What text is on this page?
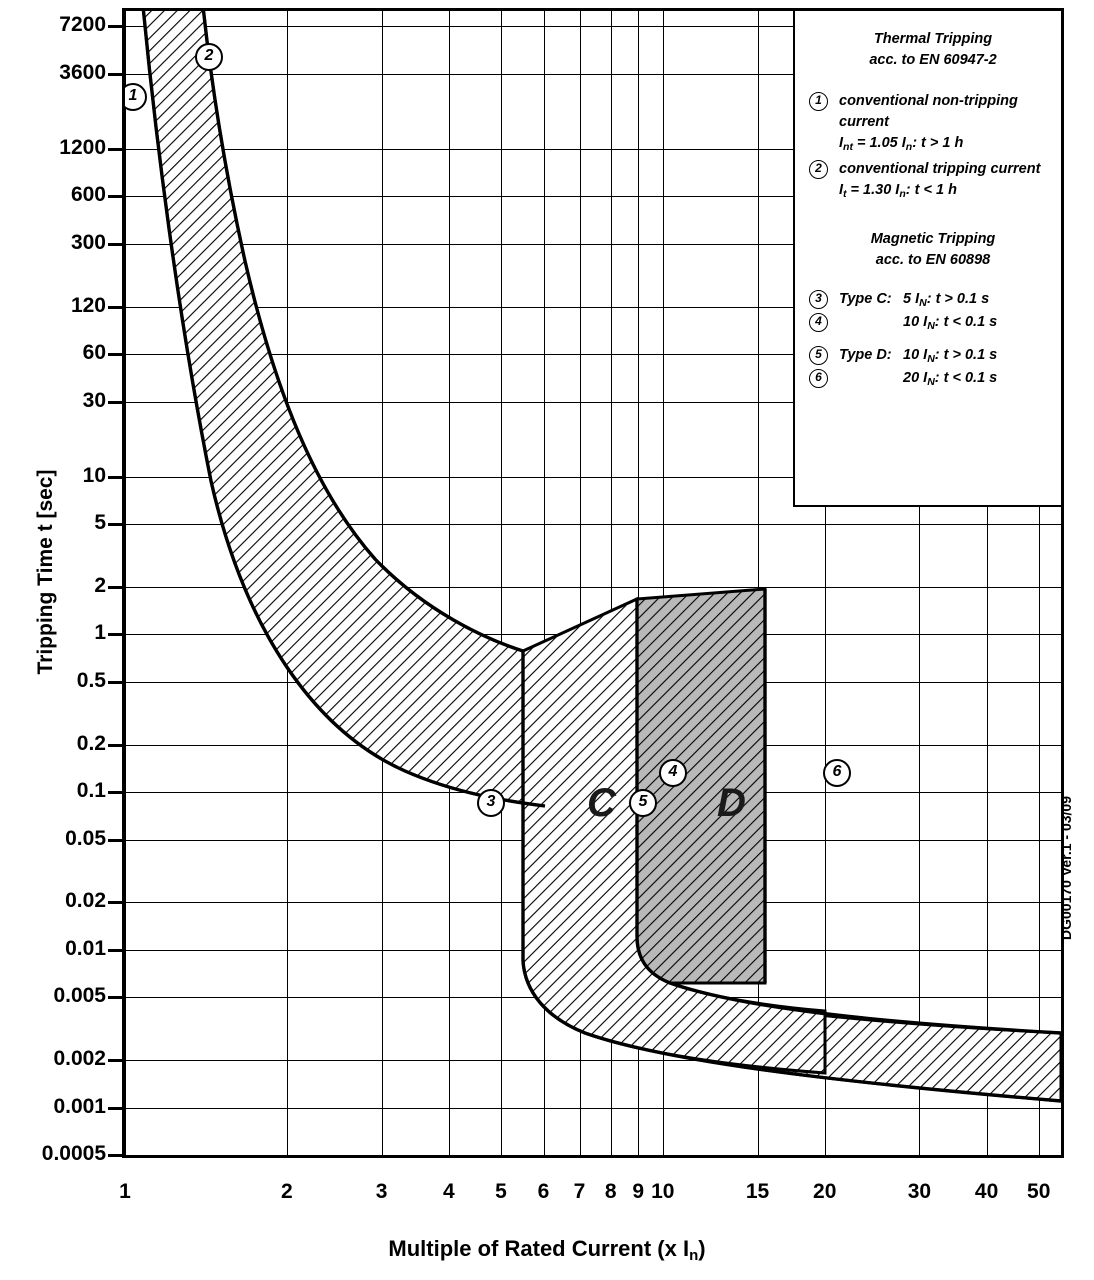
7200
3600
1200
600
300
120
60
30
10
5
2
1
0.5
0.2
0.1
0.05
0.02
0.01
0.005
0.002
0.001
0.0005
C	D
1
2
3
4
5
6
Thermal Tripping
acc. to EN 60947-2
1	conventional non-tripping current
$I_{nt} = 1.05$ $I_n$: t > 1 h
2	conventional tripping current
$I_t = 1.30$ $I_n$: t < 1 h
Magnetic Tripping
acc. to EN 60898
3	Type C: 5 $I_N$: t > 0.1 s
4	10 $I_N$: t < 0.1 s
5	Type D: 10 $I_N$: t > 0.1 s
6	20 $I_N$: t < 0.1 s
1	2	3	4 5 6 7 8 9 10	15 20	30 40 50
Tripping Time t [sec]
Multiple of Rated Current (x $I_n$)
DG00170 Ver.1 - 03/09
